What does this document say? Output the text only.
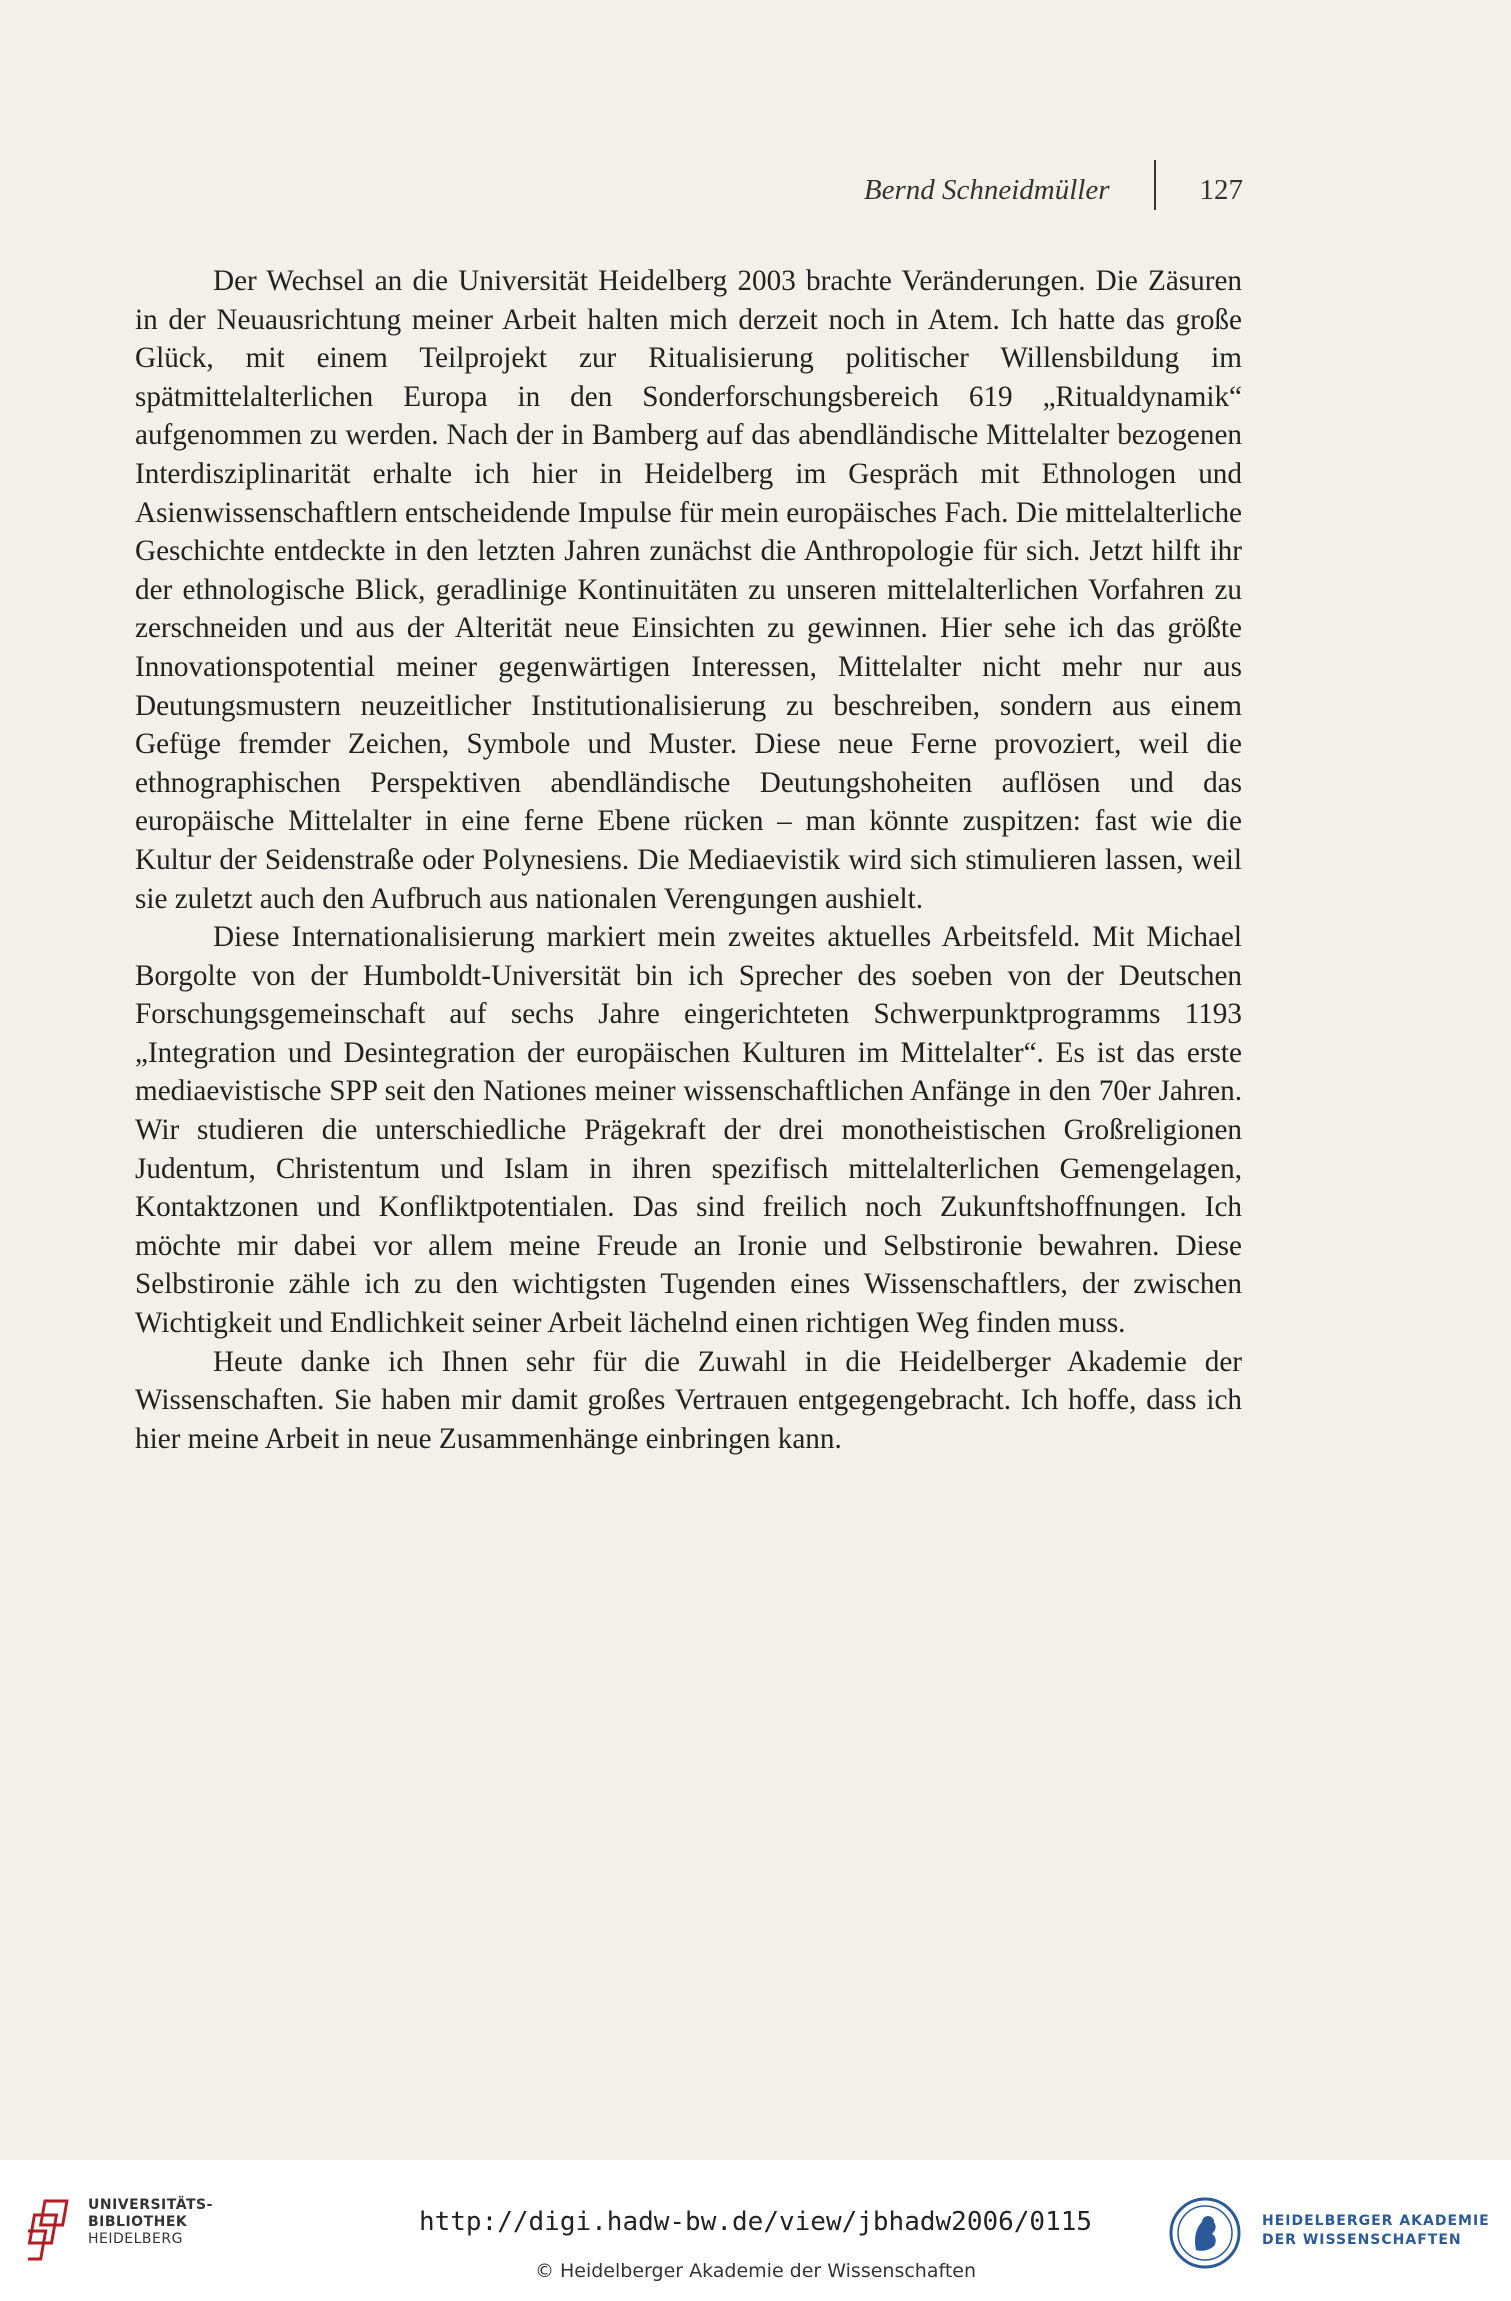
Bernd Schneidmüller	127

Der Wechsel an die Universität Heidelberg 2003 brachte Veränderungen. Die Zäsuren in der Neuausrichtung meiner Arbeit halten mich derzeit noch in Atem. Ich hatte das große Glück, mit einem Teilprojekt zur Ritualisierung politischer Willensbildung im spätmittelalterlichen Europa in den Sonderforschungsbereich 619 „Ritualdynamik“ aufgenommen zu werden. Nach der in Bamberg auf das abendländische Mittelalter bezogenen Interdisziplinarität erhalte ich hier in Heidelberg im Gespräch mit Ethnologen und Asienwissenschaftlern entscheidende Impulse für mein europäisches Fach. Die mittelalterliche Geschichte entdeckte in den letzten Jahren zunächst die Anthropologie für sich. Jetzt hilft ihr der ethnologische Blick, geradlinige Kontinuitäten zu unseren mittelalterlichen Vorfahren zu zerschneiden und aus der Alterität neue Einsichten zu gewinnen. Hier sehe ich das größte Innovationspotential meiner gegenwärtigen Interessen, Mittelalter nicht mehr nur aus Deutungsmustern neuzeitlicher Institutionalisierung zu beschreiben, sondern aus einem Gefüge fremder Zeichen, Symbole und Muster. Diese neue Ferne provoziert, weil die ethnographischen Perspektiven abendländische Deutungshoheiten auflösen und das europäische Mittelalter in eine ferne Ebene rücken – man könnte zuspitzen: fast wie die Kultur der Seidenstraße oder Polynesiens. Die Mediaevistik wird sich stimulieren lassen, weil sie zuletzt auch den Aufbruch aus nationalen Verengungen aushielt.

Diese Internationalisierung markiert mein zweites aktuelles Arbeitsfeld. Mit Michael Borgolte von der Humboldt-Universität bin ich Sprecher des soeben von der Deutschen Forschungsgemeinschaft auf sechs Jahre eingerichteten Schwerpunktprogramms 1193 „Integration und Desintegration der europäischen Kulturen im Mittelalter“. Es ist das erste mediaevistische SPP seit den Nationes meiner wissenschaftlichen Anfänge in den 70er Jahren. Wir studieren die unterschiedliche Prägekraft der drei monotheistischen Großreligionen Judentum, Christentum und Islam in ihren spezifisch mittelalterlichen Gemengelagen, Kontaktzonen und Konfliktpotentialen. Das sind freilich noch Zukunftshoffnungen. Ich möchte mir dabei vor allem meine Freude an Ironie und Selbstironie bewahren. Diese Selbstironie zähle ich zu den wichtigsten Tugenden eines Wissenschaftlers, der zwischen Wichtigkeit und Endlichkeit seiner Arbeit lächelnd einen richtigen Weg finden muss.

Heute danke ich Ihnen sehr für die Zuwahl in die Heidelberger Akademie der Wissenschaften. Sie haben mir damit großes Vertrauen entgegengebracht. Ich hoffe, dass ich hier meine Arbeit in neue Zusammenhänge einbringen kann.

UNIVERSITÄTS-
BIBLIOTHEK
HEIDELBERG
http://digi.hadw-bw.de/view/jbhadw2006/0115
© Heidelberger Akademie der Wissenschaften
HEIDELBERGER AKADEMIE
DER WISSENSCHAFTEN
